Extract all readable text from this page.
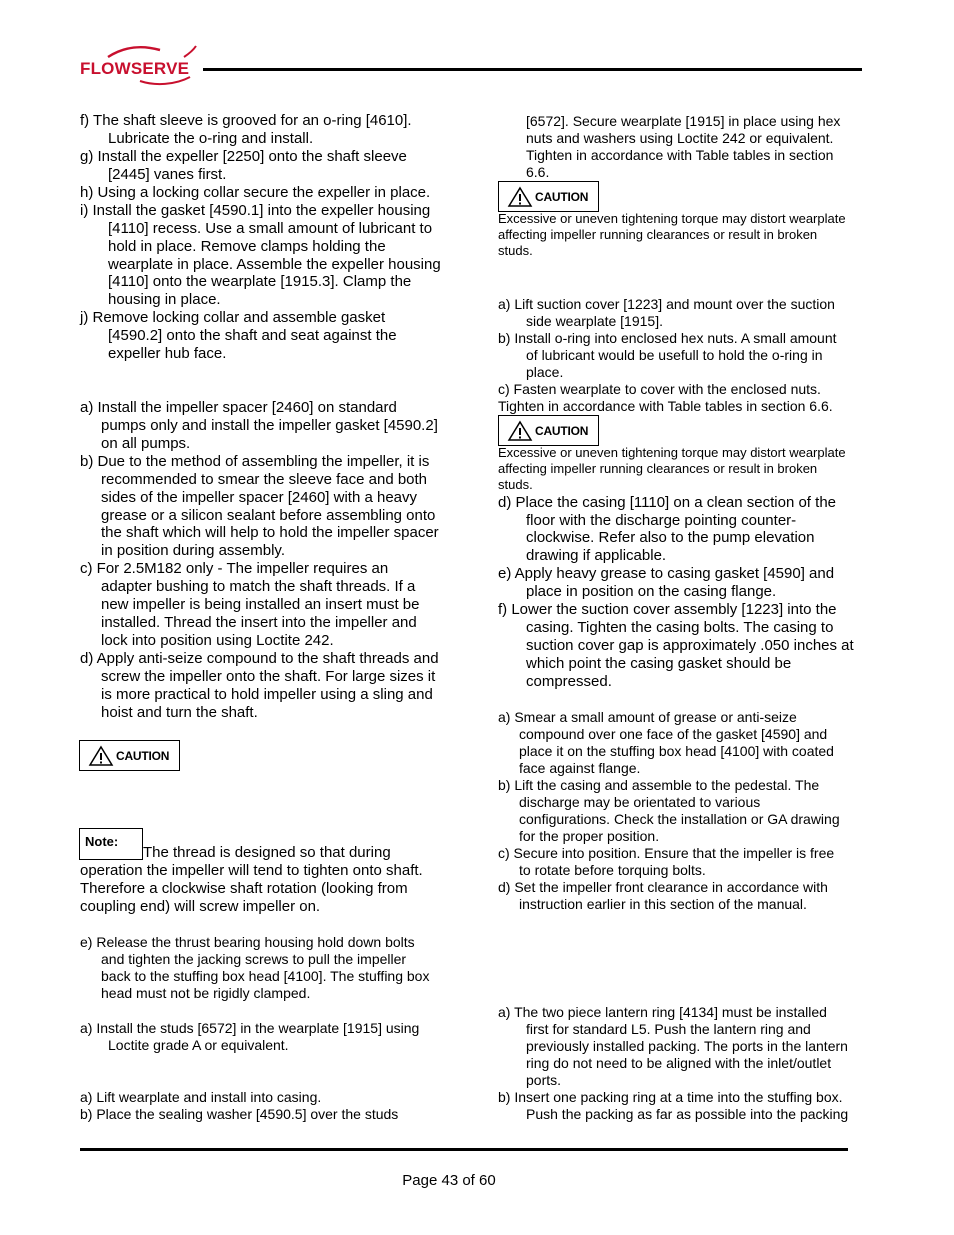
FLOWSERVE
f) The shaft sleeve is grooved for an o-ring [4610].
Lubricate the o-ring and install.
g) Install the expeller [2250] onto the shaft sleeve
[2445] vanes first.
h) Using a locking collar secure the expeller in place.
i) Install the gasket [4590.1] into the expeller housing
[4110] recess. Use a small amount of lubricant to
hold in place. Remove clamps holding the
wearplate in place. Assemble the expeller housing
[4110] onto the wearplate [1915.3]. Clamp the
housing in place.
j) Remove locking collar and assemble gasket
[4590.2] onto the shaft and seat against the
expeller hub face.
a) Install the impeller spacer [2460] on standard
pumps only and install the impeller gasket [4590.2]
on all pumps.
b) Due to the method of assembling the impeller, it is
recommended to smear the sleeve face and both
sides of the impeller spacer [2460] with a heavy
grease or a silicon sealant before assembling onto
the shaft which will help to hold the impeller spacer
in position during assembly.
c) For 2.5M182 only - The impeller requires an
adapter bushing to match the shaft threads. If a
new impeller is being installed an insert must be
installed. Thread the insert into the impeller and
lock into position using Loctite 242.
d) Apply anti-seize compound to the shaft threads and
screw the impeller onto the shaft. For large sizes it
is more practical to hold impeller using a sling and
hoist and turn the shaft.
CAUTION
Note:
The thread is designed so that during
operation the impeller will tend to tighten onto shaft.
Therefore a clockwise shaft rotation (looking from
coupling end) will screw impeller on.
e) Release the thrust bearing housing hold down bolts
and tighten the jacking screws to pull the impeller
back to the stuffing box head [4100]. The stuffing box
head must not be rigidly clamped.
a) Install the studs [6572] in the wearplate [1915] using
Loctite grade A or equivalent.
a) Lift wearplate and install into casing.
b) Place the sealing washer [4590.5] over the studs
[6572]. Secure wearplate [1915] in place using hex
nuts and washers using Loctite 242 or equivalent.
Tighten in accordance with Table tables in section
6.6.
CAUTION
Excessive or uneven tightening torque may distort wearplate
affecting impeller running clearances or result in broken
studs.
a) Lift suction cover [1223] and mount over the suction
side wearplate [1915].
b) Install o-ring into enclosed hex nuts. A small amount
of lubricant would be usefull to hold the o-ring in
place.
c) Fasten wearplate to cover with the enclosed nuts.
Tighten in accordance with Table tables in section 6.6.
CAUTION
Excessive or uneven tightening torque may distort wearplate
affecting impeller running clearances or result in broken
studs.
d) Place the casing [1110] on a clean section of the
floor with the discharge pointing counter-
clockwise. Refer also to the pump elevation
drawing if applicable.
e) Apply heavy grease to casing gasket [4590] and
place in position on the casing flange.
f) Lower the suction cover assembly [1223] into the
casing. Tighten the casing bolts. The casing to
suction cover gap is approximately .050 inches at
which point the casing gasket should be
compressed.
a) Smear a small amount of grease or anti-seize
compound over one face of the gasket [4590] and
place it on the stuffing box head [4100] with coated
face against flange.
b) Lift the casing and assemble to the pedestal. The
discharge may be orientated to various
configurations. Check the installation or GA drawing
for the proper position.
c) Secure into position. Ensure that the impeller is free
to rotate before torquing bolts.
d) Set the impeller front clearance in accordance with
instruction earlier in this section of the manual.
a) The two piece lantern ring [4134] must be installed
first for standard L5. Push the lantern ring and
previously installed packing. The ports in the lantern
ring do not need to be aligned with the inlet/outlet
ports.
b) Insert one packing ring at a time into the stuffing box.
Push the packing as far as possible into the packing
Page 43 of 60
